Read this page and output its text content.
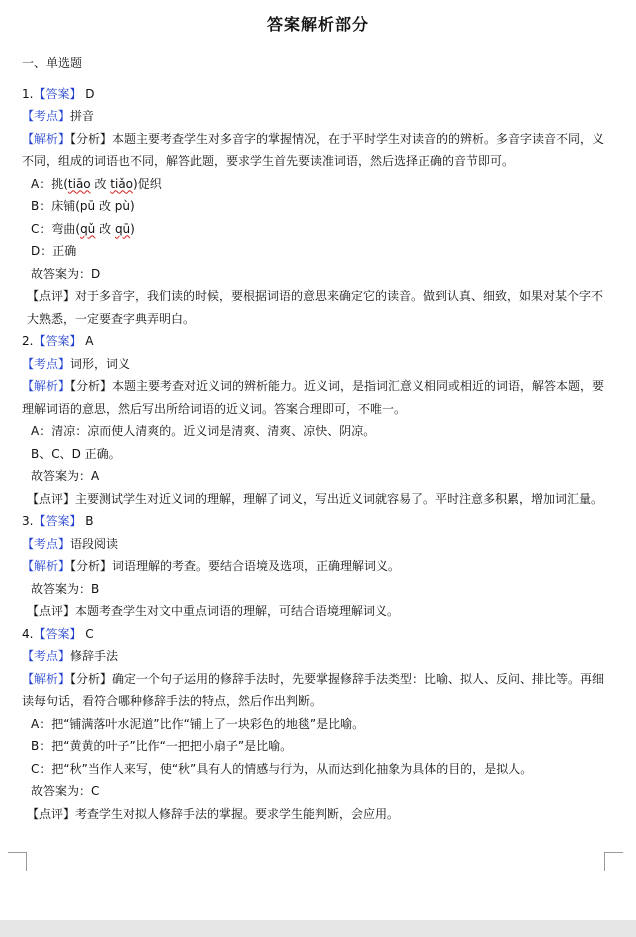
答案解析部分
一、单选题
1.【答案】 D
【考点】拼音
【解析】【分析】本题主要考查学生对多音字的掌握情况，在于平时学生对读音的的辨析。多音字读音不同，义不同，组成的词语也不同，解答此题，要求学生首先要读准词语，然后选择正确的音节即可。
A：挑(tiāo 改 tiǎo)促织
B：床铺(pū 改 pù)
C：弯曲(qǔ 改 qū)
D：正确
故答案为：D
【点评】对于多音字，我们读的时候，要根据词语的意思来确定它的读音。做到认真、细致，如果对某个字不大熟悉，一定要查字典弄明白。
2.【答案】 A
【考点】词形，词义
【解析】【分析】本题主要考查对近义词的辨析能力。近义词，是指词汇意义相同或相近的词语，解答本题，要理解词语的意思，然后写出所给词语的近义词。答案合理即可，不唯一。
A：清凉：凉而使人清爽的。近义词是清爽、清爽、凉快、阴凉。
B、C、D 正确。
故答案为：A
【点评】主要测试学生对近义词的理解，理解了词义，写出近义词就容易了。平时注意多积累，增加词汇量。
3.【答案】 B
【考点】语段阅读
【解析】【分析】词语理解的考查。要结合语境及选项，正确理解词义。
故答案为：B
【点评】本题考查学生对文中重点词语的理解，可结合语境理解词义。
4.【答案】 C
【考点】修辞手法
【解析】【分析】确定一个句子运用的修辞手法时，先要掌握修辞手法类型：比喻、拟人、反问、排比等。再细读每句话，看符合哪种修辞手法的特点，然后作出判断。
A：把“铺满落叶水泥道”比作“铺上了一块彩色的地毯”是比喻。
B：把“黄黄的叶子”比作“一把把小扇子”是比喻。
C：把“秋”当作人来写，使“秋”具有人的情感与行为，从而达到化抽象为具体的目的，是拟人。
故答案为：C
【点评】考查学生对拟人修辞手法的掌握。要求学生能判断，会应用。
